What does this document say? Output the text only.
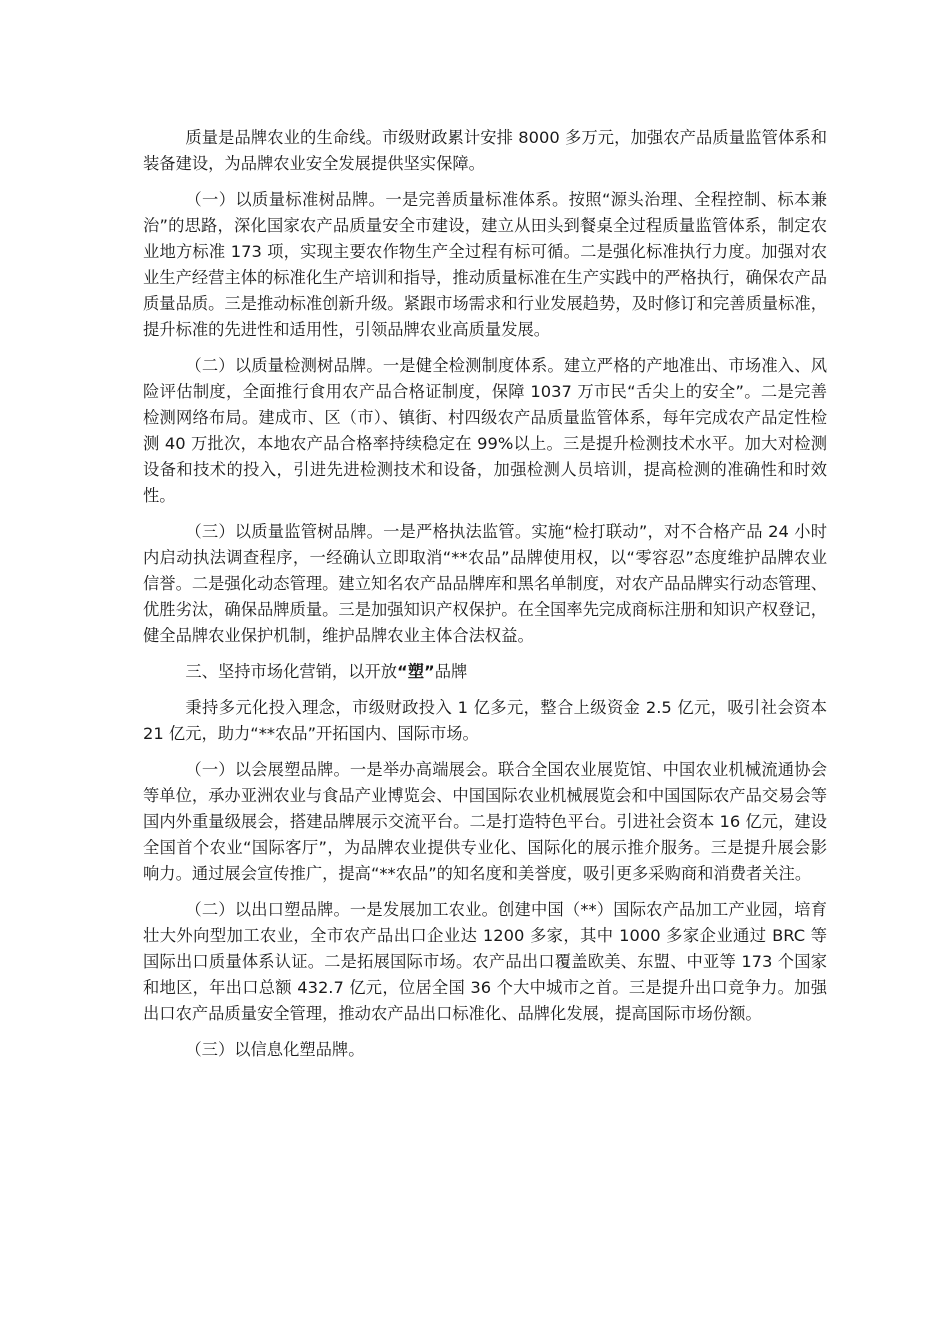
质量是品牌农业的生命线。市级财政累计安排 8000 多万元，加强农产品质量监管体系和装备建设，为品牌农业安全发展提供坚实保障。

（一）以质量标准树品牌。一是完善质量标准体系。按照“源头治理、全程控制、标本兼治”的思路，深化国家农产品质量安全市建设，建立从田头到餐桌全过程质量监管体系，制定农业地方标准 173 项，实现主要农作物生产全过程有标可循。二是强化标准执行力度。加强对农业生产经营主体的标准化生产培训和指导，推动质量标准在生产实践中的严格执行，确保农产品质量品质。三是推动标准创新升级。紧跟市场需求和行业发展趋势，及时修订和完善质量标准，提升标准的先进性和适用性，引领品牌农业高质量发展。

（二）以质量检测树品牌。一是健全检测制度体系。建立严格的产地准出、市场准入、风险评估制度，全面推行食用农产品合格证制度，保障 1037 万市民“舌尖上的安全”。二是完善检测网络布局。建成市、区（市）、镇街、村四级农产品质量监管体系，每年完成农产品定性检测 40 万批次，本地农产品合格率持续稳定在 99%以上。三是提升检测技术水平。加大对检测设备和技术的投入，引进先进检测技术和设备，加强检测人员培训，提高检测的准确性和时效性。

（三）以质量监管树品牌。一是严格执法监管。实施“检打联动”，对不合格产品 24 小时内启动执法调查程序，一经确认立即取消“**农品”品牌使用权，以“零容忍”态度维护品牌农业信誉。二是强化动态管理。建立知名农产品品牌库和黑名单制度，对农产品品牌实行动态管理、优胜劣汰，确保品牌质量。三是加强知识产权保护。在全国率先完成商标注册和知识产权登记，健全品牌农业保护机制，维护品牌农业主体合法权益。

三、坚持市场化营销，以开放“塑”品牌

秉持多元化投入理念，市级财政投入 1 亿多元，整合上级资金 2.5 亿元，吸引社会资本 21 亿元，助力“**农品”开拓国内、国际市场。

（一）以会展塑品牌。一是举办高端展会。联合全国农业展览馆、中国农业机械流通协会等单位，承办亚洲农业与食品产业博览会、中国国际农业机械展览会和中国国际农产品交易会等国内外重量级展会，搭建品牌展示交流平台。二是打造特色平台。引进社会资本 16 亿元，建设全国首个农业“国际客厅”，为品牌农业提供专业化、国际化的展示推介服务。三是提升展会影响力。通过展会宣传推广，提高“**农品”的知名度和美誉度，吸引更多采购商和消费者关注。

（二）以出口塑品牌。一是发展加工农业。创建中国（**）国际农产品加工产业园，培育壮大外向型加工农业，全市农产品出口企业达 1200 多家，其中 1000 多家企业通过 BRC 等国际出口质量体系认证。二是拓展国际市场。农产品出口覆盖欧美、东盟、中亚等 173 个国家和地区，年出口总额 432.7 亿元，位居全国 36 个大中城市之首。三是提升出口竞争力。加强出口农产品质量安全管理，推动农产品出口标准化、品牌化发展，提高国际市场份额。

（三）以信息化塑品牌。
